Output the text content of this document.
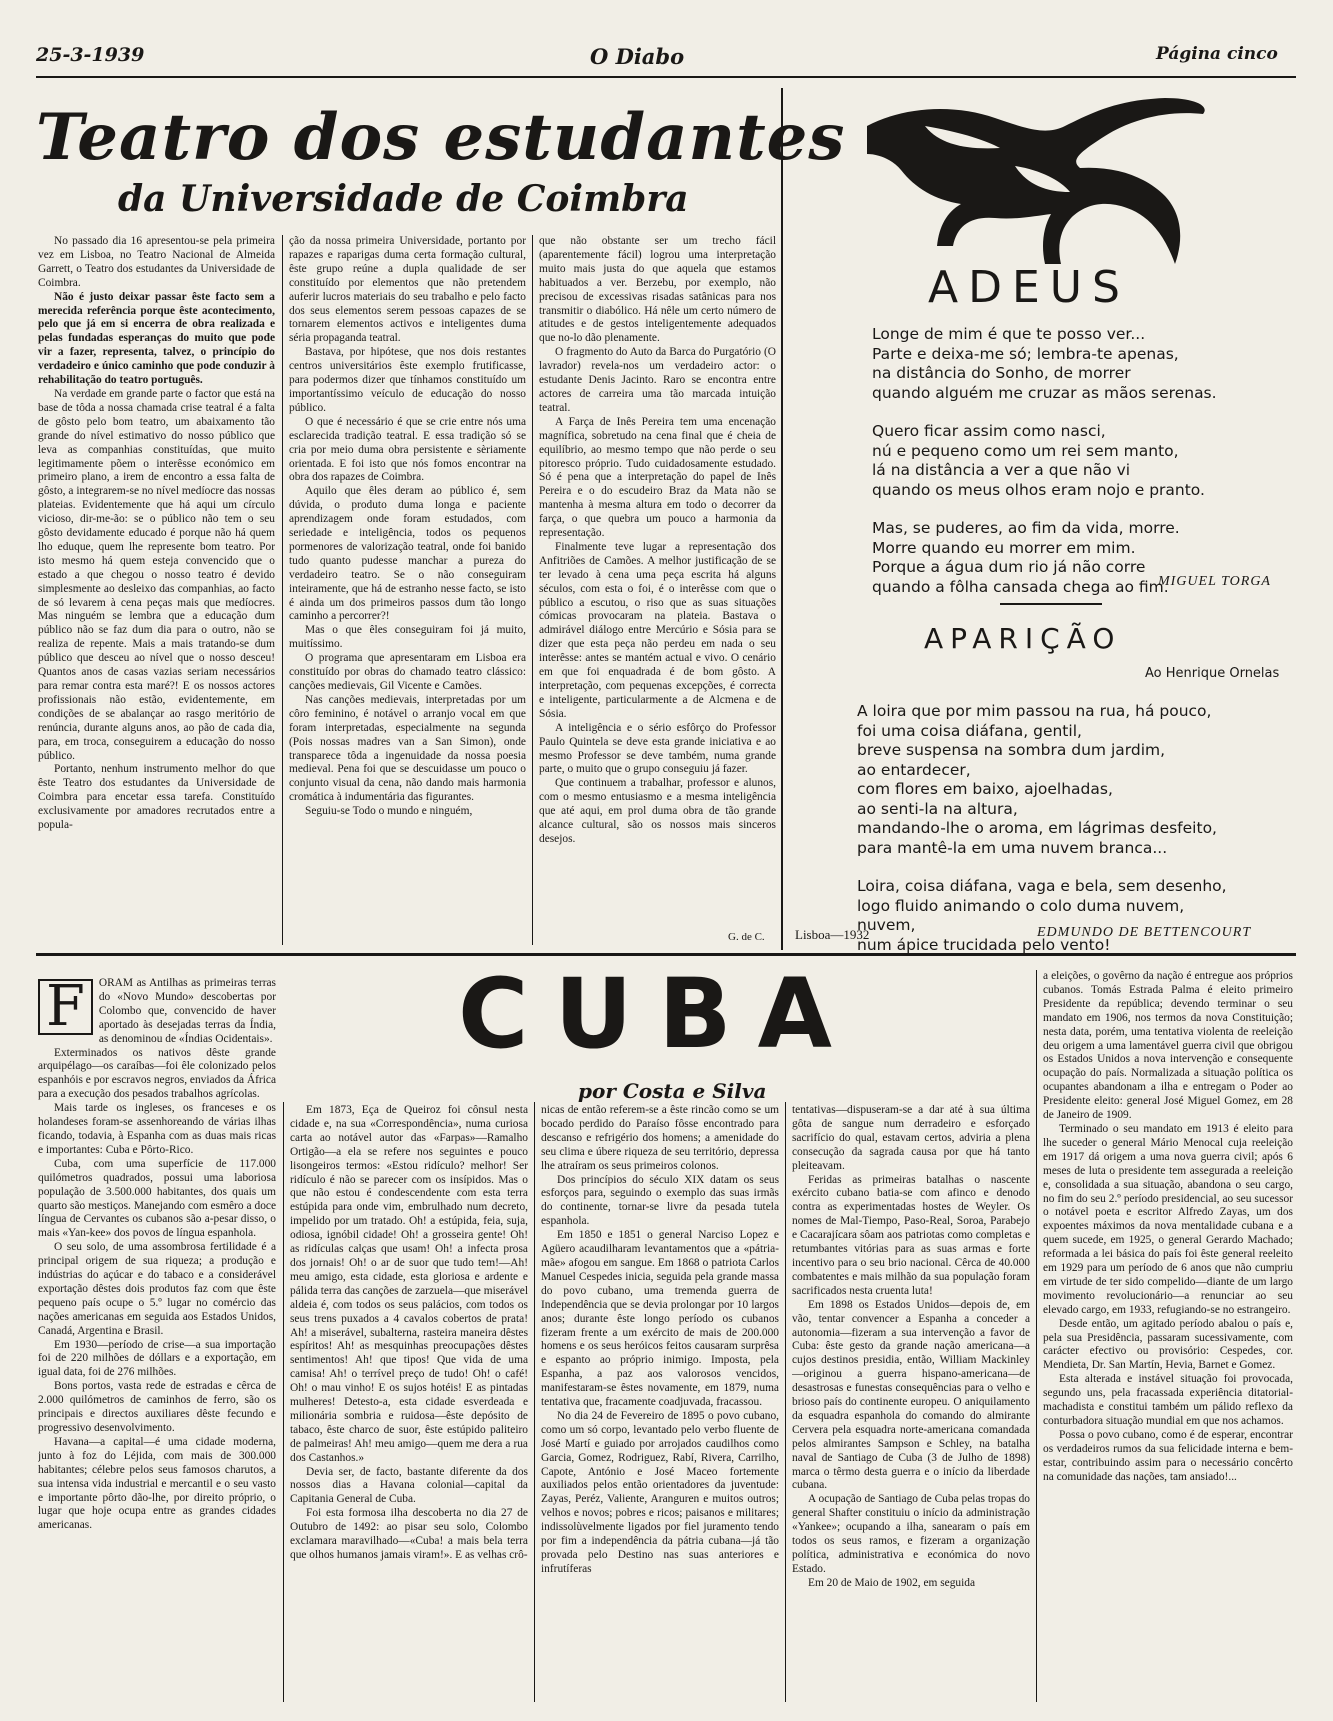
25-3-1939	O Diabo	Página cinco
Teatro dos estudantes
da Universidade de Coimbra

No passado dia 16 apresentou-se pela primeira vez em Lisboa, no Teatro Nacional de Almeida Garrett, o Teatro dos estudantes da Universidade de Coimbra.

Não é justo deixar passar êste facto sem a merecida referência porque êste acontecimento, pelo que já em si encerra de obra realizada e pelas fundadas esperanças do muito que pode vir a fazer, representa, talvez, o princípio do verdadeiro e único caminho que pode conduzir à rehabilitação do teatro português.

Na verdade em grande parte o factor que está na base de tôda a nossa chamada crise teatral é a falta de gôsto pelo bom teatro, um abaixamento tão grande do nível estimativo do nosso público que leva as companhias constituídas, que muito legitimamente põem o interêsse económico em primeiro plano, a irem de encontro a essa falta de gôsto, a integrarem-se no nível medíocre das nossas plateias. Evidentemente que há aqui um círculo vicioso, dir-me-ão: se o público não tem o seu gôsto devidamente educado é porque não há quem lho eduque, quem lhe represente bom teatro. Por isto mesmo há quem esteja convencido que o estado a que chegou o nosso teatro é devido simplesmente ao desleixo das companhias, ao facto de só levarem à cena peças mais que medíocres. Mas ninguém se lembra que a educação dum público não se faz dum dia para o outro, não se realiza de repente. Mais a mais tratando-se dum público que desceu ao nível que o nosso desceu! Quantos anos de casas vazias seriam necessários para remar contra esta maré?! E os nossos actores profissionais não estão, evidentemente, em condições de se abalançar ao rasgo meritório de renúncia, durante alguns anos, ao pão de cada dia, para, em troca, conseguirem a educação do nosso público.

Portanto, nenhum instrumento melhor do que êste Teatro dos estudantes da Universidade de Coimbra para encetar essa tarefa. Constituído exclusivamente por amadores recrutados entre a popula-

ção da nossa primeira Universidade, portanto por rapazes e raparigas duma certa formação cultural, êste grupo reúne a dupla qualidade de ser constituído por elementos que não pretendem auferir lucros materiais do seu trabalho e pelo facto dos seus elementos serem pessoas capazes de se tornarem elementos activos e inteligentes duma séria propaganda teatral.

Bastava, por hipótese, que nos dois restantes centros universitários êste exemplo frutificasse, para podermos dizer que tínhamos constituído um importantíssimo veículo de educação do nosso público.

O que é necessário é que se crie entre nós uma esclarecida tradição teatral. E essa tradição só se cria por meio duma obra persistente e sèriamente orientada. E foi isto que nós fomos encontrar na obra dos rapazes de Coimbra.

Aquilo que êles deram ao público é, sem dúvida, o produto duma longa e paciente aprendizagem onde foram estudados, com seriedade e inteligência, todos os pequenos pormenores de valorização teatral, onde foi banido tudo quanto pudesse manchar a pureza do verdadeiro teatro. Se o não conseguiram inteiramente, que há de estranho nesse facto, se isto é ainda um dos primeiros passos dum tão longo caminho a percorrer?!

Mas o que êles conseguiram foi já muito, muitíssimo.

O programa que apresentaram em Lisboa era constituído por obras do chamado teatro clássico: canções medievais, Gil Vicente e Camões.

Nas canções medievais, interpretadas por um côro feminino, é notável o arranjo vocal em que foram interpretadas, especialmente na segunda (Pois nossas madres van a San Simon), onde transparece tôda a ingenuidade da nossa poesia medieval. Pena foi que se descuidasse um pouco o conjunto visual da cena, não dando mais harmonia cromática à indumentária das figurantes.

Seguiu-se Todo o mundo e ninguém,

que não obstante ser um trecho fácil (aparentemente fácil) logrou uma interpretação muito mais justa do que aquela que estamos habituados a ver. Berzebu, por exemplo, não precisou de excessivas risadas satânicas para nos transmitir o diabólico. Há nêle um certo número de atitudes e de gestos inteligentemente adequados que no-lo dão plenamente.

O fragmento do Auto da Barca do Purgatório (O lavrador) revela-nos um verdadeiro actor: o estudante Denis Jacinto. Raro se encontra entre actores de carreira uma tão marcada intuição teatral.

A Farça de Inês Pereira tem uma encenação magnífica, sobretudo na cena final que é cheia de equilíbrio, ao mesmo tempo que não perde o seu pitoresco próprio. Tudo cuidadosamente estudado. Só é pena que a interpretação do papel de Inês Pereira e o do escudeiro Braz da Mata não se mantenha à mesma altura em todo o decorrer da farça, o que quebra um pouco a harmonia da representação.

Finalmente teve lugar a representação dos Anfitriões de Camões. A melhor justificação de se ter levado à cena uma peça escrita há alguns séculos, com esta o foi, é o interêsse com que o público a escutou, o riso que as suas situações cómicas provocaram na plateia. Bastava o admirável diálogo entre Mercúrio e Sósia para se dizer que esta peça não perdeu em nada o seu interêsse: antes se mantém actual e vivo. O cenário em que foi enquadrada é de bom gôsto. A interpretação, com pequenas excepções, é correcta e inteligente, particularmente a de Alcmena e de Sósia.

A inteligência e o sério esfôrço do Professor Paulo Quintela se deve esta grande iniciativa e ao mesmo Professor se deve também, numa grande parte, o muito que o grupo conseguiu já fazer.

Que continuem a trabalhar, professor e alunos, com o mesmo entusiasmo e a mesma inteligência que até aqui, em prol duma obra de tão grande alcance cultural, são os nossos mais sinceros desejos.

G. de C.
ADEUS
Longe de mim é que te posso ver...
Parte e deixa-me só; lembra-te apenas,
na distância do Sonho, de morrer
quando alguém me cruzar as mãos serenas.
Quero ficar assim como nasci,
nú e pequeno como um rei sem manto,
lá na distância a ver a que não vi
quando os meus olhos eram nojo e pranto.
Mas, se puderes, ao fim da vida, morre.
Morre quando eu morrer em mim.
Porque a água dum rio já não corre
quando a fôlha cansada chega ao fim.
MIGUEL TORGA
APARIÇÃO
Ao Henrique Ornelas
A loira que por mim passou na rua, há pouco,
foi uma coisa diáfana, gentil,
breve suspensa na sombra dum jardim,
ao entardecer,
com flores em baixo, ajoelhadas,
ao senti-la na altura,
mandando-lhe o aroma, em lágrimas desfeito,
para mantê-la em uma nuvem branca...
Loira, coisa diáfana, vaga e bela, sem desenho,
logo fluido animando o colo duma nuvem,
nuvem,
num ápice trucidada pelo vento!
Lisboa—1932	EDMUNDO DE BETTENCOURT
CUBA
por Costa e Silva
F	ORAM as Antilhas as primeiras terras do «Novo Mundo» descobertas por Colombo que, convencido de haver aportado às desejadas terras da Índia, as denominou de «Índias Ocidentais».

Exterminados os nativos dêste grande arquipélago—os caraíbas—foi êle colonizado pelos espanhóis e por escravos negros, enviados da África para a execução dos pesados trabalhos agrícolas.

Mais tarde os ingleses, os franceses e os holandeses foram-se assenhoreando de várias ilhas ficando, todavia, à Espanha com as duas mais ricas e importantes: Cuba e Pôrto-Rico.

Cuba, com uma superfície de 117.000 quilómetros quadrados, possui uma laboriosa população de 3.500.000 habitantes, dos quais um quarto são mestiços. Manejando com esmêro a doce língua de Cervantes os cubanos são a-pesar disso, o mais «Yan-kee» dos povos de língua espanhola.

O seu solo, de uma assombrosa fertilidade é a principal origem de sua riqueza; a produção e indústrias do açúcar e do tabaco e a considerável exportação dêstes dois produtos faz com que êste pequeno país ocupe o 5.º lugar no comércio das nações americanas em seguida aos Estados Unidos, Canadá, Argentina e Brasil.

Em 1930—período de crise—a sua importação foi de 220 milhões de dóllars e a exportação, em igual data, foi de 276 milhões.

Bons portos, vasta rede de estradas e cêrca de 2.000 quilómetros de caminhos de ferro, são os principais e directos auxiliares dêste fecundo e progressivo desenvolvimento.

Havana—a capital—é uma cidade moderna, junto à foz do Léjida, com mais de 300.000 habitantes; célebre pelos seus famosos charutos, a sua intensa vida industrial e mercantil e o seu vasto e importante pôrto dão-lhe, por direito próprio, o lugar que hoje ocupa entre as grandes cidades americanas.

Em 1873, Eça de Queiroz foi cônsul nesta cidade e, na sua «Correspondência», numa curiosa carta ao notável autor das «Farpas»—Ramalho Ortigão—a ela se refere nos seguintes e pouco lisongeiros termos: «Estou ridículo? melhor! Ser ridículo é não se parecer com os insípidos. Mas o que não estou é condescendente com esta terra estúpida para onde vim, embrulhado num decreto, impelido por um tratado. Oh! a estúpida, feia, suja, odiosa, ignóbil cidade! Oh! a grosseira gente! Oh! as ridículas calças que usam! Oh! a infecta prosa dos jornais! Oh! o ar de suor que tudo tem!—Ah! meu amigo, esta cidade, esta gloriosa e ardente e pálida terra das canções de zarzuela—que miserável aldeia é, com todos os seus palácios, com todos os seus trens puxados a 4 cavalos cobertos de prata! Ah! a miserável, subalterna, rasteira maneira dêstes espíritos! Ah! as mesquinhas preocupações dêstes sentimentos! Ah! que tipos! Que vida de uma camisa! Ah! o terrível preço de tudo! Oh! o café! Oh! o mau vinho! E os sujos hotéis! E as pintadas mulheres! Detesto-a, esta cidade esverdeada e milionária sombria e ruidosa—êste depósito de tabaco, êste charco de suor, êste estúpido paliteiro de palmeiras! Ah! meu amigo—quem me dera a rua dos Castanhos.»

Devia ser, de facto, bastante diferente da dos nossos dias a Havana colonial—capital da Capitania General de Cuba.

Foi esta formosa ilha descoberta no dia 27 de Outubro de 1492: ao pisar seu solo, Colombo exclamara maravilhado—«Cuba! a mais bela terra que olhos humanos jamais viram!». E as velhas crô-

nicas de então referem-se a êste rincão como se um bocado perdido do Paraíso fôsse encontrado para descanso e refrigério dos homens; a amenidade do seu clima e úbere riqueza de seu território, depressa lhe atraíram os seus primeiros colonos.

Dos princípios do século XIX datam os seus esforços para, seguindo o exemplo das suas irmãs do continente, tornar-se livre da pesada tutela espanhola.

Em 1850 e 1851 o general Narciso Lopez e Agüero acaudilharam levantamentos que a «pátria-mãe» afogou em sangue. Em 1868 o patriota Carlos Manuel Cespedes inicia, seguida pela grande massa do povo cubano, uma tremenda guerra de Independência que se devia prolongar por 10 largos anos; durante êste longo período os cubanos fizeram frente a um exército de mais de 200.000 homens e os seus heróicos feitos causaram surprêsa e espanto ao próprio inimigo. Imposta, pela Espanha, a paz aos valorosos vencidos, manifestaram-se êstes novamente, em 1879, numa tentativa que, fracamente coadjuvada, fracassou.

No dia 24 de Fevereiro de 1895 o povo cubano, como um só corpo, levantado pelo verbo fluente de José Martí e guiado por arrojados caudilhos como Garcia, Gomez, Rodriguez, Rabí, Rivera, Carrilho, Capote, António e José Maceo fortemente auxiliados pelos então orientadores da juventude: Zayas, Peréz, Valiente, Aranguren e muitos outros; velhos e novos; pobres e ricos; paisanos e militares; indissolùvelmente ligados por fiel juramento tendo por fim a independência da pátria cubana—já tão provada pelo Destino nas suas anteriores e infrutíferas

tentativas—dispuseram-se a dar até à sua última gôta de sangue num derradeiro e esforçado sacrifício do qual, estavam certos, adviria a plena consecução da sagrada causa por que há tanto pleiteavam.

Feridas as primeiras batalhas o nascente exército cubano batia-se com afinco e denodo contra as experimentadas hostes de Weyler. Os nomes de Mal-Tiempo, Paso-Real, Soroa, Parabejo e Cacarajícara sôam aos patriotas como completas e retumbantes vitórias para as suas armas e forte incentivo para o seu brio nacional. Cêrca de 40.000 combatentes e mais milhão da sua população foram sacrificados nesta cruenta luta!

Em 1898 os Estados Unidos—depois de, em vão, tentar convencer a Espanha a conceder a autonomia—fizeram a sua intervenção a favor de Cuba: êste gesto da grande nação americana—a cujos destinos presidia, então, William Mackinley—originou a guerra hispano-americana—de desastrosas e funestas consequências para o velho e brioso país do continente europeu. O aniquilamento da esquadra espanhola do comando do almirante Cervera pela esquadra norte-americana comandada pelos almirantes Sampson e Schley, na batalha naval de Santiago de Cuba (3 de Julho de 1898) marca o têrmo desta guerra e o início da liberdade cubana.

A ocupação de Santiago de Cuba pelas tropas do general Shafter constituiu o início da administração «Yankee»; ocupando a ilha, sanearam o país em todos os seus ramos, e fizeram a organização política, administrativa e económica do novo Estado.

Em 20 de Maio de 1902, em seguida

a eleições, o govêrno da nação é entregue aos próprios cubanos. Tomás Estrada Palma é eleito primeiro Presidente da república; devendo terminar o seu mandato em 1906, nos termos da nova Constituição; nesta data, porém, uma tentativa violenta de reeleição deu origem a uma lamentável guerra civil que obrigou os Estados Unidos a nova intervenção e consequente ocupação do país. Normalizada a situação política os ocupantes abandonam a ilha e entregam o Poder ao Presidente eleito: general José Miguel Gomez, em 28 de Janeiro de 1909.

Terminado o seu mandato em 1913 é eleito para lhe suceder o general Mário Menocal cuja reeleição em 1917 dá origem a uma nova guerra civil; após 6 meses de luta o presidente tem assegurada a reeleição e, consolidada a sua situação, abandona o seu cargo, no fim do seu 2.º período presidencial, ao seu sucessor o notável poeta e escritor Alfredo Zayas, um dos expoentes máximos da nova mentalidade cubana e a quem sucede, em 1925, o general Gerardo Machado; reformada a lei básica do país foi êste general reeleito em 1929 para um período de 6 anos que não cumpriu em virtude de ter sido compelido—diante de um largo movimento revolucionário—a renunciar ao seu elevado cargo, em 1933, refugiando-se no estrangeiro.

Desde então, um agitado período abalou o país e, pela sua Presidência, passaram sucessivamente, com carácter efectivo ou provisório: Cespedes, cor. Mendieta, Dr. San Martín, Hevia, Barnet e Gomez.

Esta alterada e instável situação foi provocada, segundo uns, pela fracassada experiência ditatorial-machadista e constitui também um pálido reflexo da conturbadora situação mundial em que nos achamos.

Possa o povo cubano, como é de esperar, encontrar os verdadeiros rumos da sua felicidade interna e bem-estar, contribuindo assim para o necessário concêrto na comunidade das nações, tam ansiado!...
